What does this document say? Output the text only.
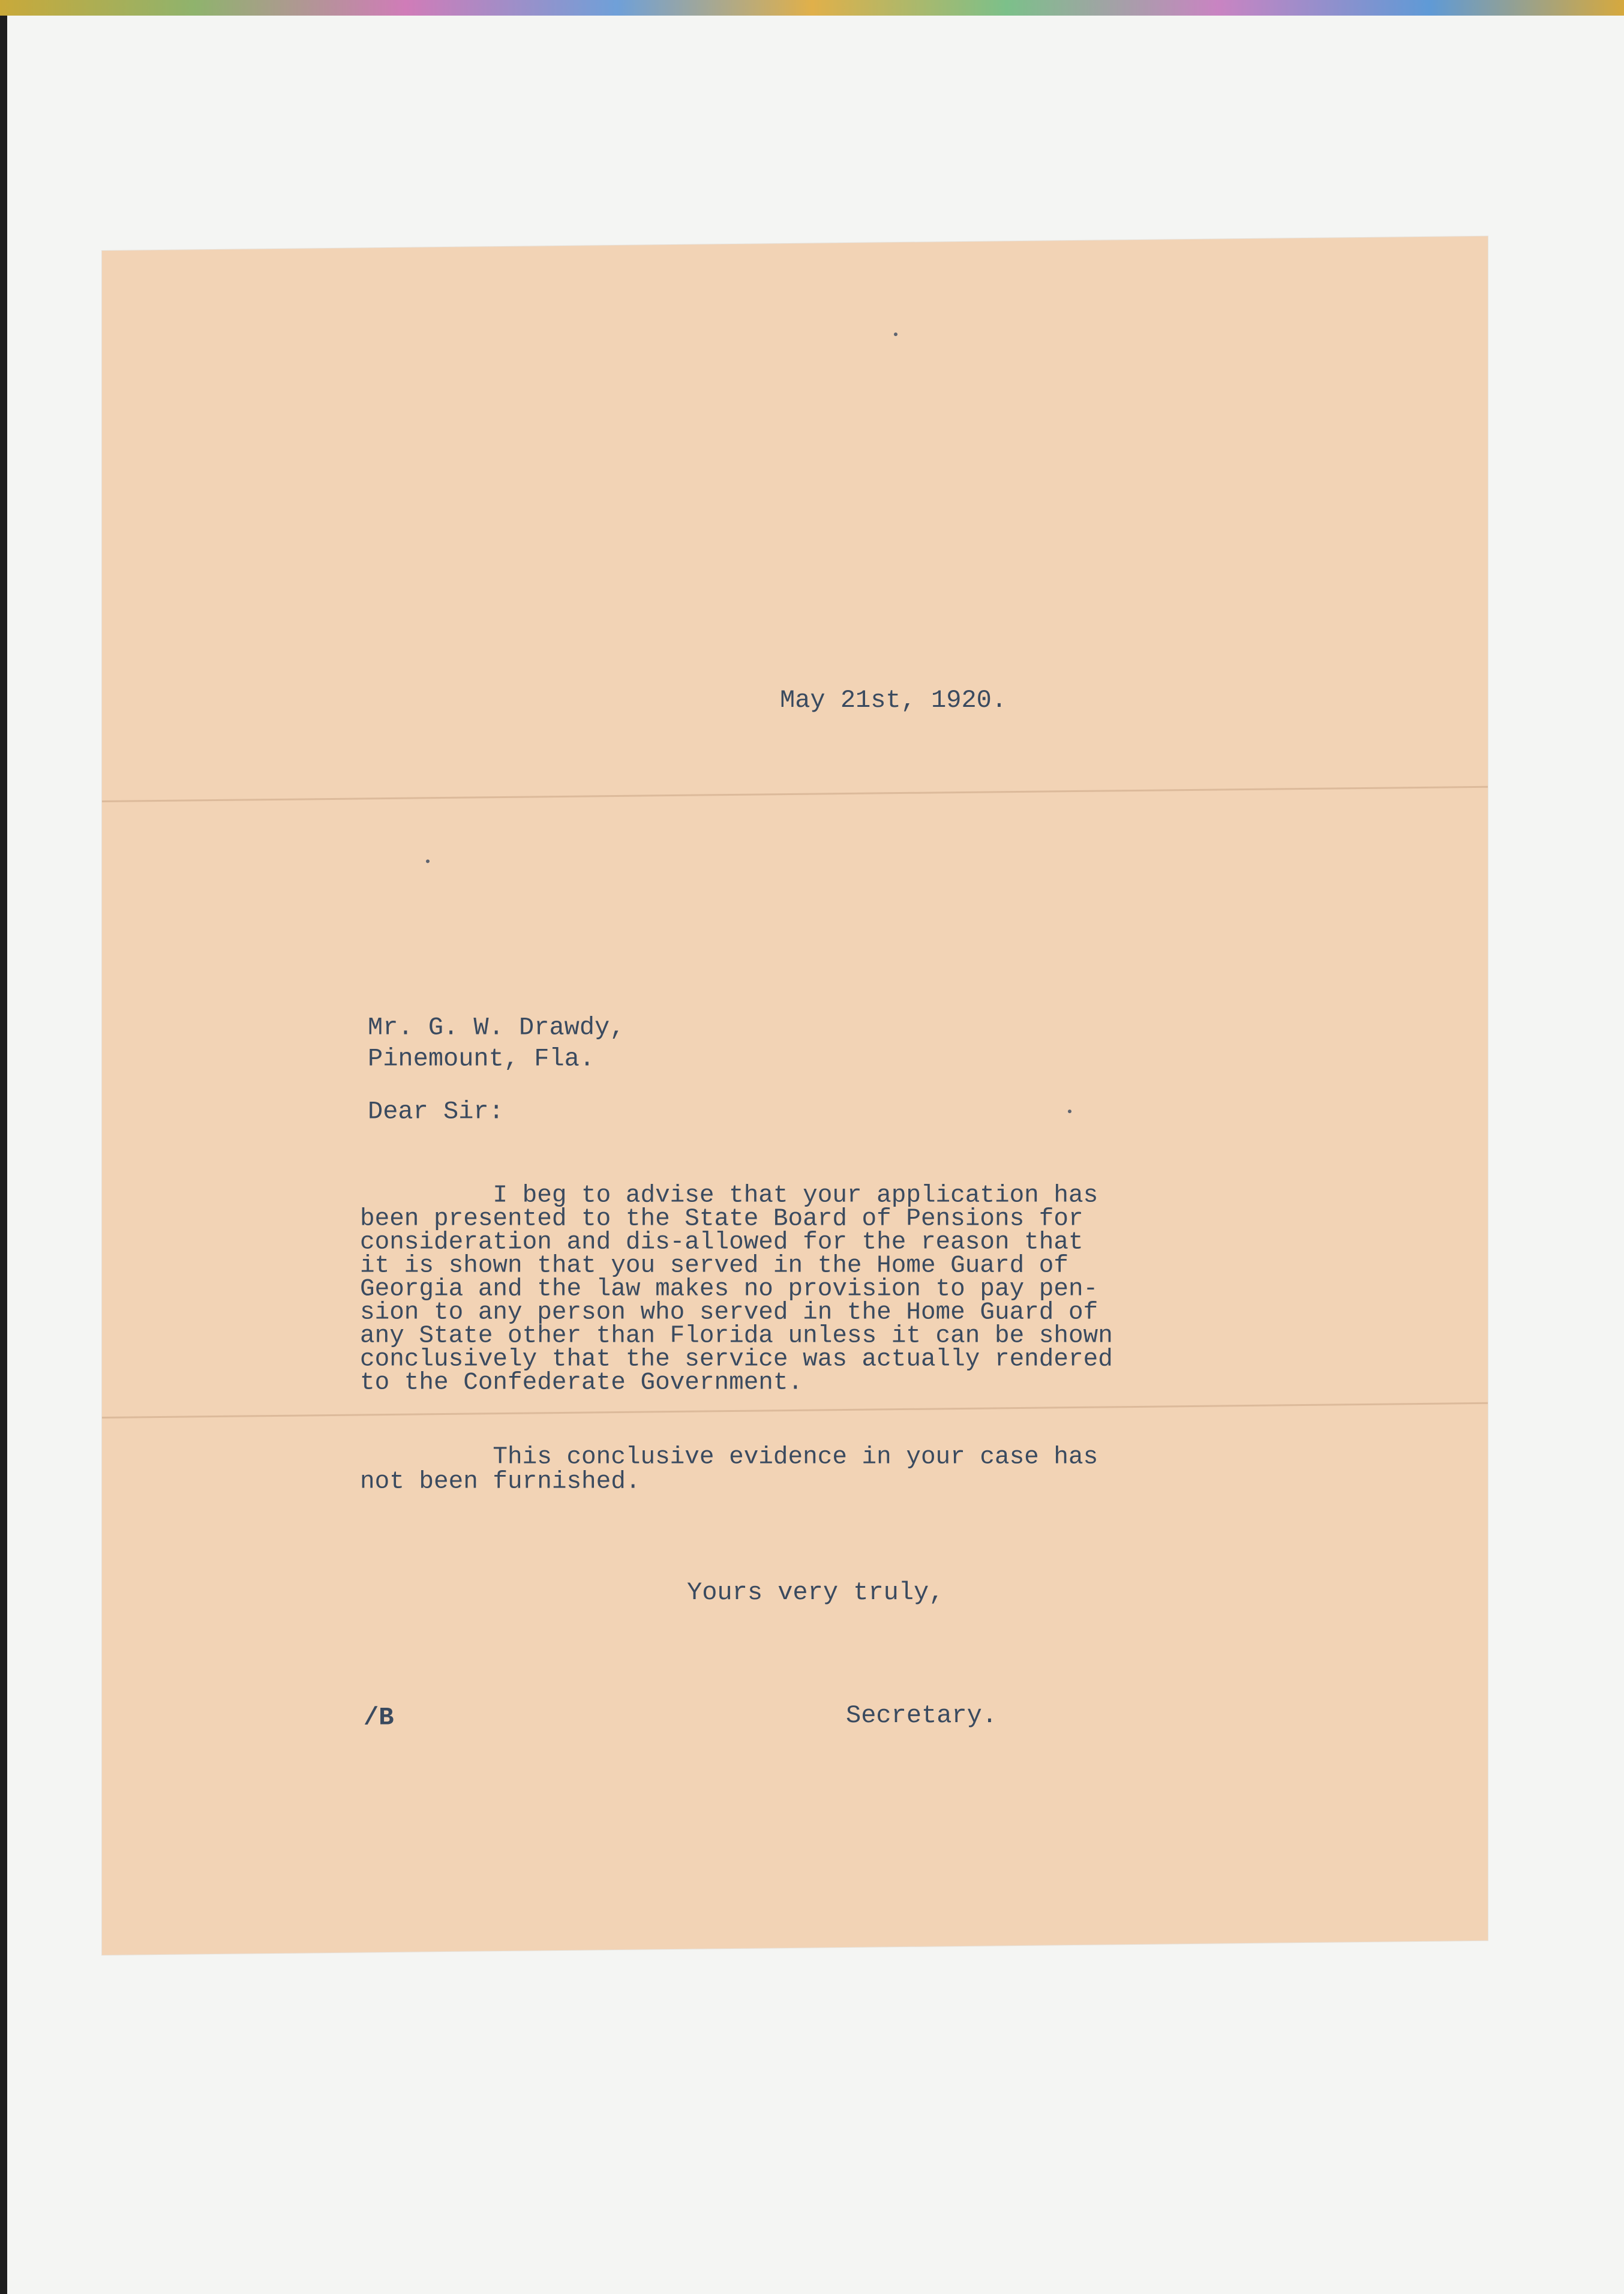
May 21st, 1920.
Mr. G. W. Drawdy,
Pinemount, Fla.
Dear Sir:
I beg to advise that your application has
been presented to the State Board of Pensions for
consideration and dis-allowed for the reason that
it is shown that you served in the Home Guard of
Georgia and the law makes no provision to pay pen-
sion to any person who served in the Home Guard of
any State other than Florida unless it can be shown
conclusively that the service was actually rendered
to the Confederate Government.
This conclusive evidence in your case has
not been furnished.
Yours very truly,
/B	Secretary.
